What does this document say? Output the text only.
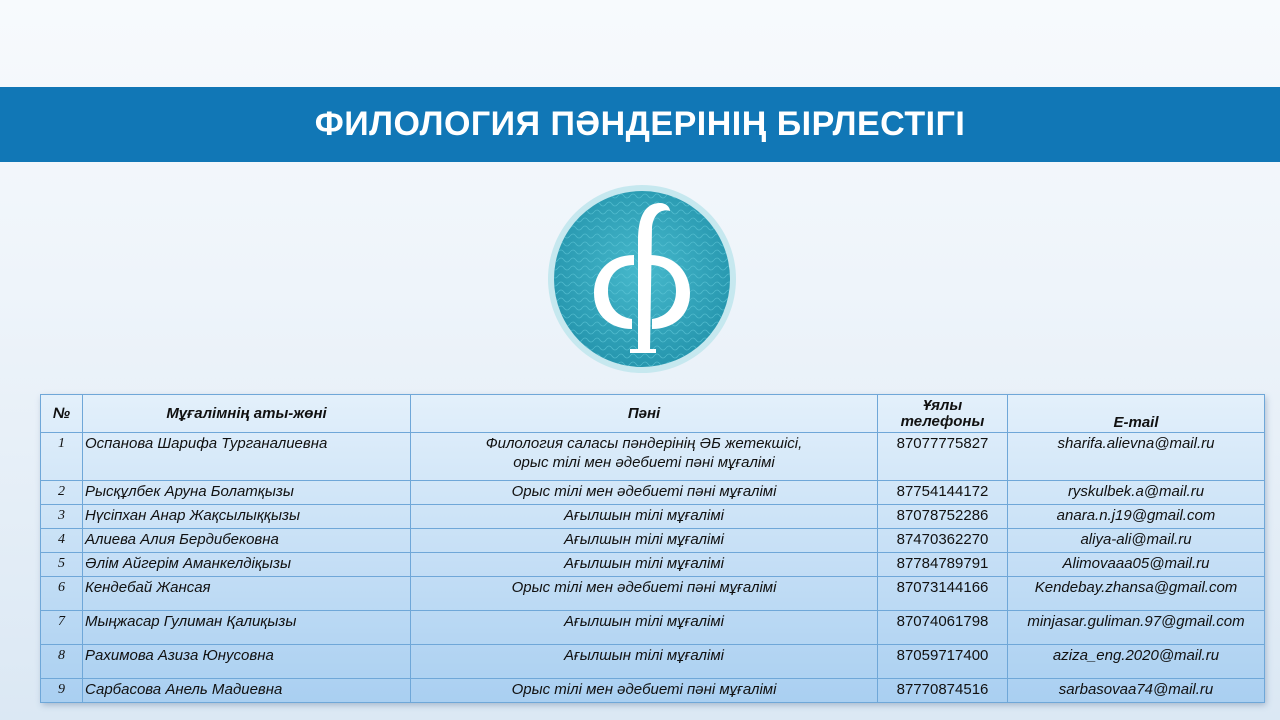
ФИЛОЛОГИЯ ПӘНДЕРІНІҢ БІРЛЕСТІГІ
№	Мұғалімнің аты-жөні	Пәні	Ұялы
телефоны	E-mail
1	Оспанова Шарифа Турганалиевна	Филология саласы пәндерінің ӘБ жетекшісі,
орыс тілі мен әдебиеті пәні мұғалімі	87077775827	sharifa.alievna@mail.ru
2	Рысқұлбек Аруна Болатқызы	Орыс тілі мен әдебиеті пәні мұғалімі	87754144172	ryskulbek.a@mail.ru
3	Нүсіпхан Анар Жақсылыққызы	Ағылшын тілі мұғалімі	87078752286	anara.n.j19@gmail.com
4	Алиева Алия Бердибековна	Ағылшын тілі мұғалімі	87470362270	aliya-ali@mail.ru
5	Әлім Айгерім Аманкелдіқызы	Ағылшын тілі мұғалімі	87784789791	Alimovaaa05@mail.ru
6	Кендебай Жансая	Орыс тілі мен әдебиеті пәні мұғалімі	87073144166	Kendebay.zhansa@gmail.com
7	Мыңжасар Гулиман Қалиқызы	Ағылшын тілі мұғалімі	87074061798	minjasar.guliman.97@gmail.com
8	Рахимова Азиза Юнусовна	Ағылшын тілі мұғалімі	87059717400	aziza_eng.2020@mail.ru
9	Сарбасова Анель Мадиевна	Орыс тілі мен әдебиеті пәні мұғалімі	87770874516	sarbasovaa74@mail.ru
